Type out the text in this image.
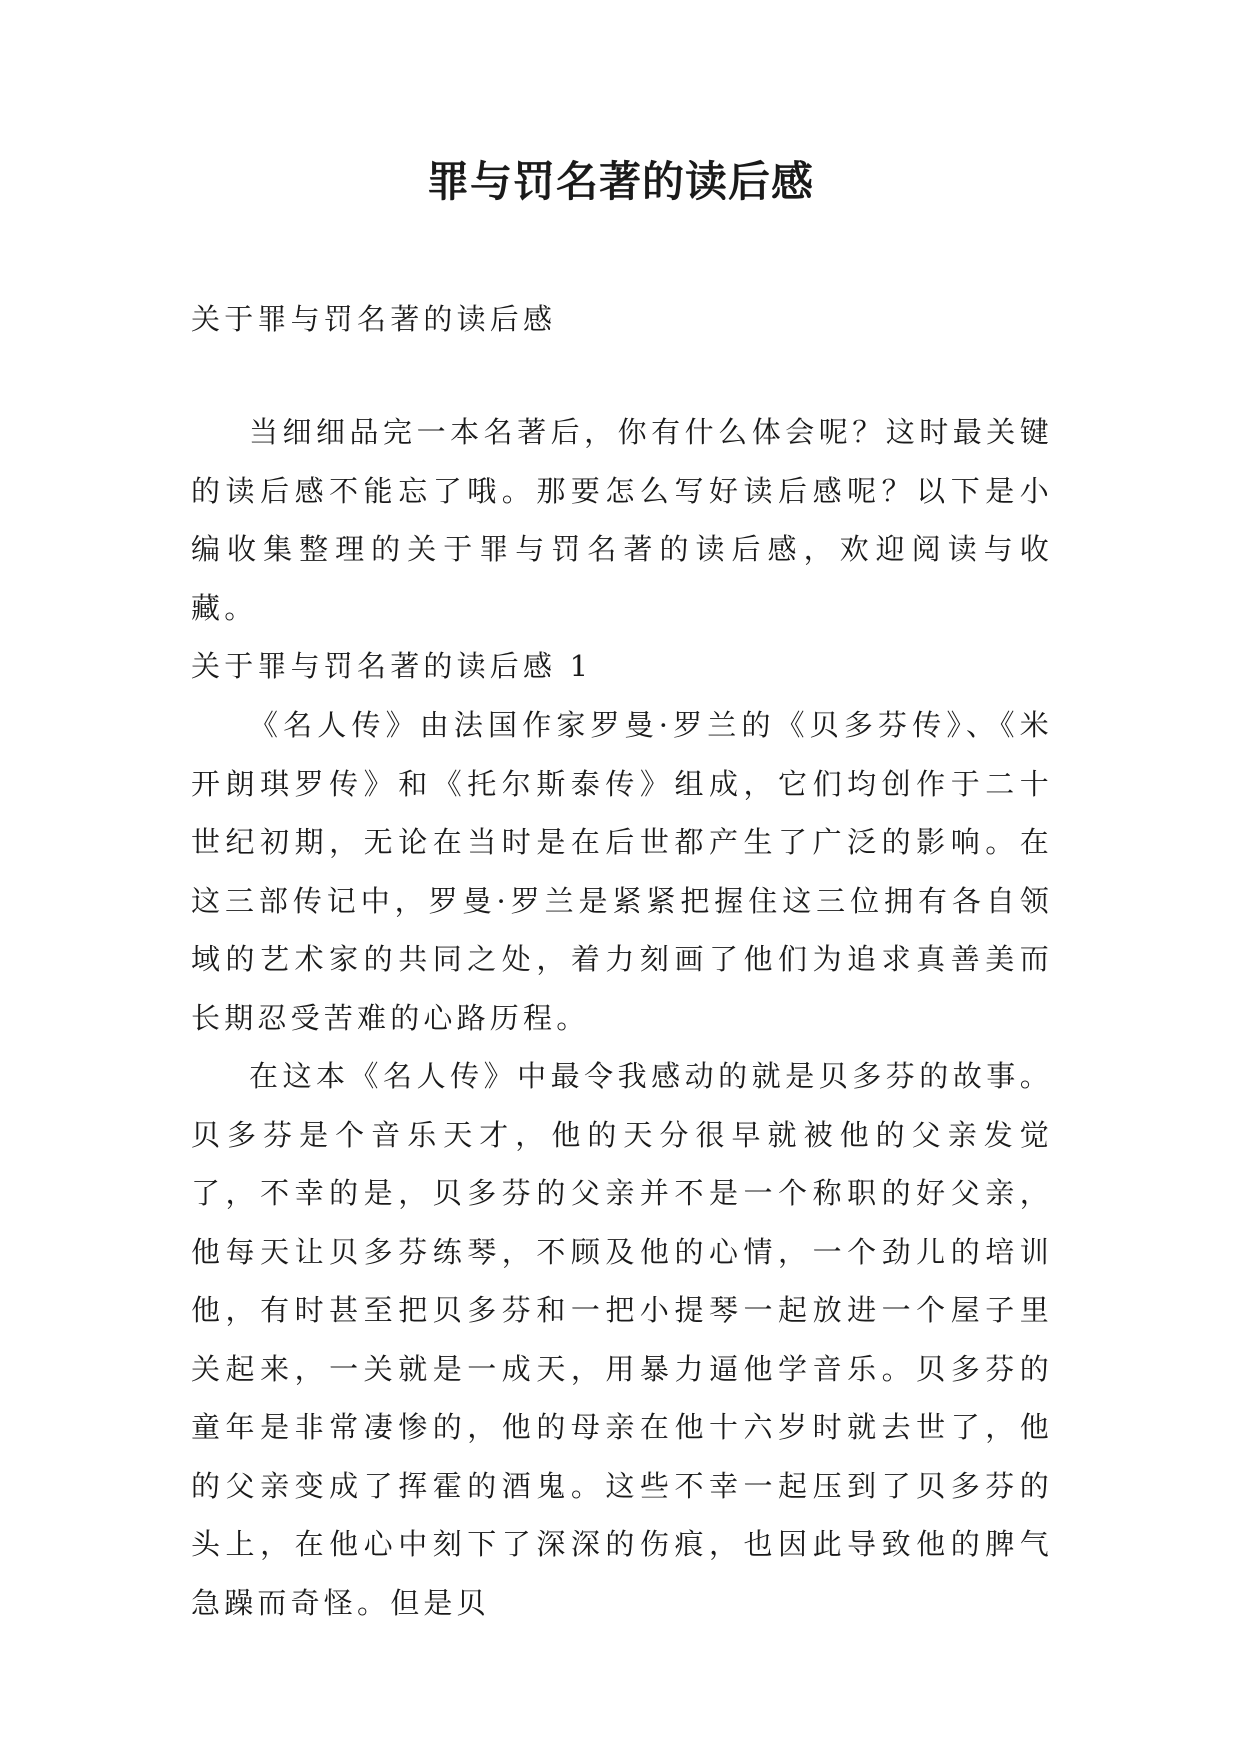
罪与罚名著的读后感

关于罪与罚名著的读后感

当细细品完一本名著后，你有什么体会呢？这时最关键的读后感不能忘了哦。那要怎么写好读后感呢？以下是小编收集整理的关于罪与罚名著的读后感，欢迎阅读与收藏。

关于罪与罚名著的读后感 1

《名人传》由法国作家罗曼·罗兰的《贝多芬传》、《米开朗琪罗传》和《托尔斯泰传》组成，它们均创作于二十世纪初期，无论在当时是在后世都产生了广泛的影响。在这三部传记中，罗曼·罗兰是紧紧把握住这三位拥有各自领域的艺术家的共同之处，着力刻画了他们为追求真善美而长期忍受苦难的心路历程。

在这本《名人传》中最令我感动的就是贝多芬的故事。贝多芬是个音乐天才，他的天分很早就被他的父亲发觉了，不幸的是，贝多芬的父亲并不是一个称职的好父亲，他每天让贝多芬练琴，不顾及他的心情，一个劲儿的培训他，有时甚至把贝多芬和一把小提琴一起放进一个屋子里关起来，一关就是一成天，用暴力逼他学音乐。贝多芬的童年是非常凄惨的，他的母亲在他十六岁时就去世了，他的父亲变成了挥霍的酒鬼。这些不幸一起压到了贝多芬的头上，在他心中刻下了深深的伤痕，也因此导致他的脾气急躁而奇怪。但是贝
